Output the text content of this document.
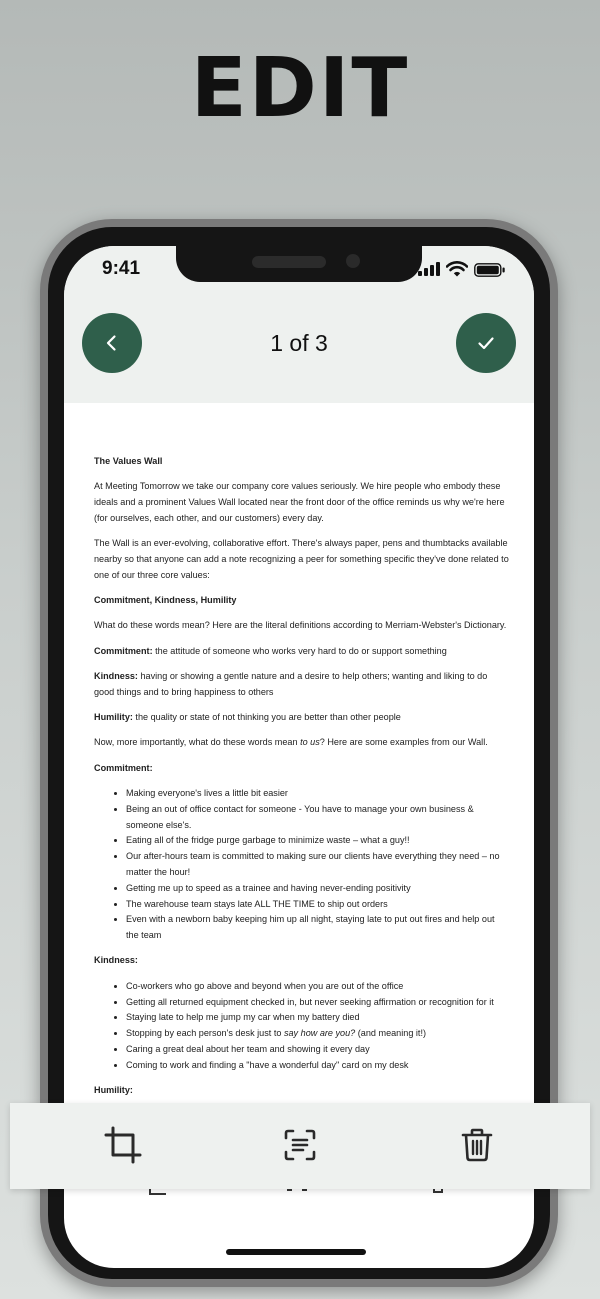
EDIT
9:41
1 of 3

The Values Wall

At Meeting Tomorrow we take our company core values seriously. We hire people who embody these ideals and a prominent Values Wall located near the front door of the office reminds us why we're here (for ourselves, each other, and our customers) every day.

The Wall is an ever-evolving, collaborative effort. There's always paper, pens and thumbtacks available nearby so that anyone can add a note recognizing a peer for something specific they've done related to one of our three core values:

Commitment, Kindness, Humility

What do these words mean? Here are the literal definitions according to Merriam-Webster's Dictionary.

Commitment: the attitude of someone who works very hard to do or support something

Kindness: having or showing a gentle nature and a desire to help others; wanting and liking to do good things and to bring happiness to others

Humility: the quality or state of not thinking you are better than other people

Now, more importantly, what do these words mean to us? Here are some examples from our Wall.

Commitment:

• Making everyone's lives a little bit easier
• Being an out of office contact for someone - You have to manage your own business & someone else's.
• Eating all of the fridge purge garbage to minimize waste – what a guy!!
• Our after-hours team is committed to making sure our clients have everything they need – no matter the hour!
• Getting me up to speed as a trainee and having never-ending positivity
• The warehouse team stays late ALL THE TIME to ship out orders
• Even with a newborn baby keeping him up all night, staying late to put out fires and help out the team

Kindness:

• Co-workers who go above and beyond when you are out of the office
• Getting all returned equipment checked in, but never seeking affirmation or recognition for it
• Staying late to help me jump my car when my battery died
• Stopping by each person's desk just to say how are you? (and meaning it!)
• Caring a great deal about her team and showing it every day
• Coming to work and finding a "have a wonderful day" card on my desk

Humility:
